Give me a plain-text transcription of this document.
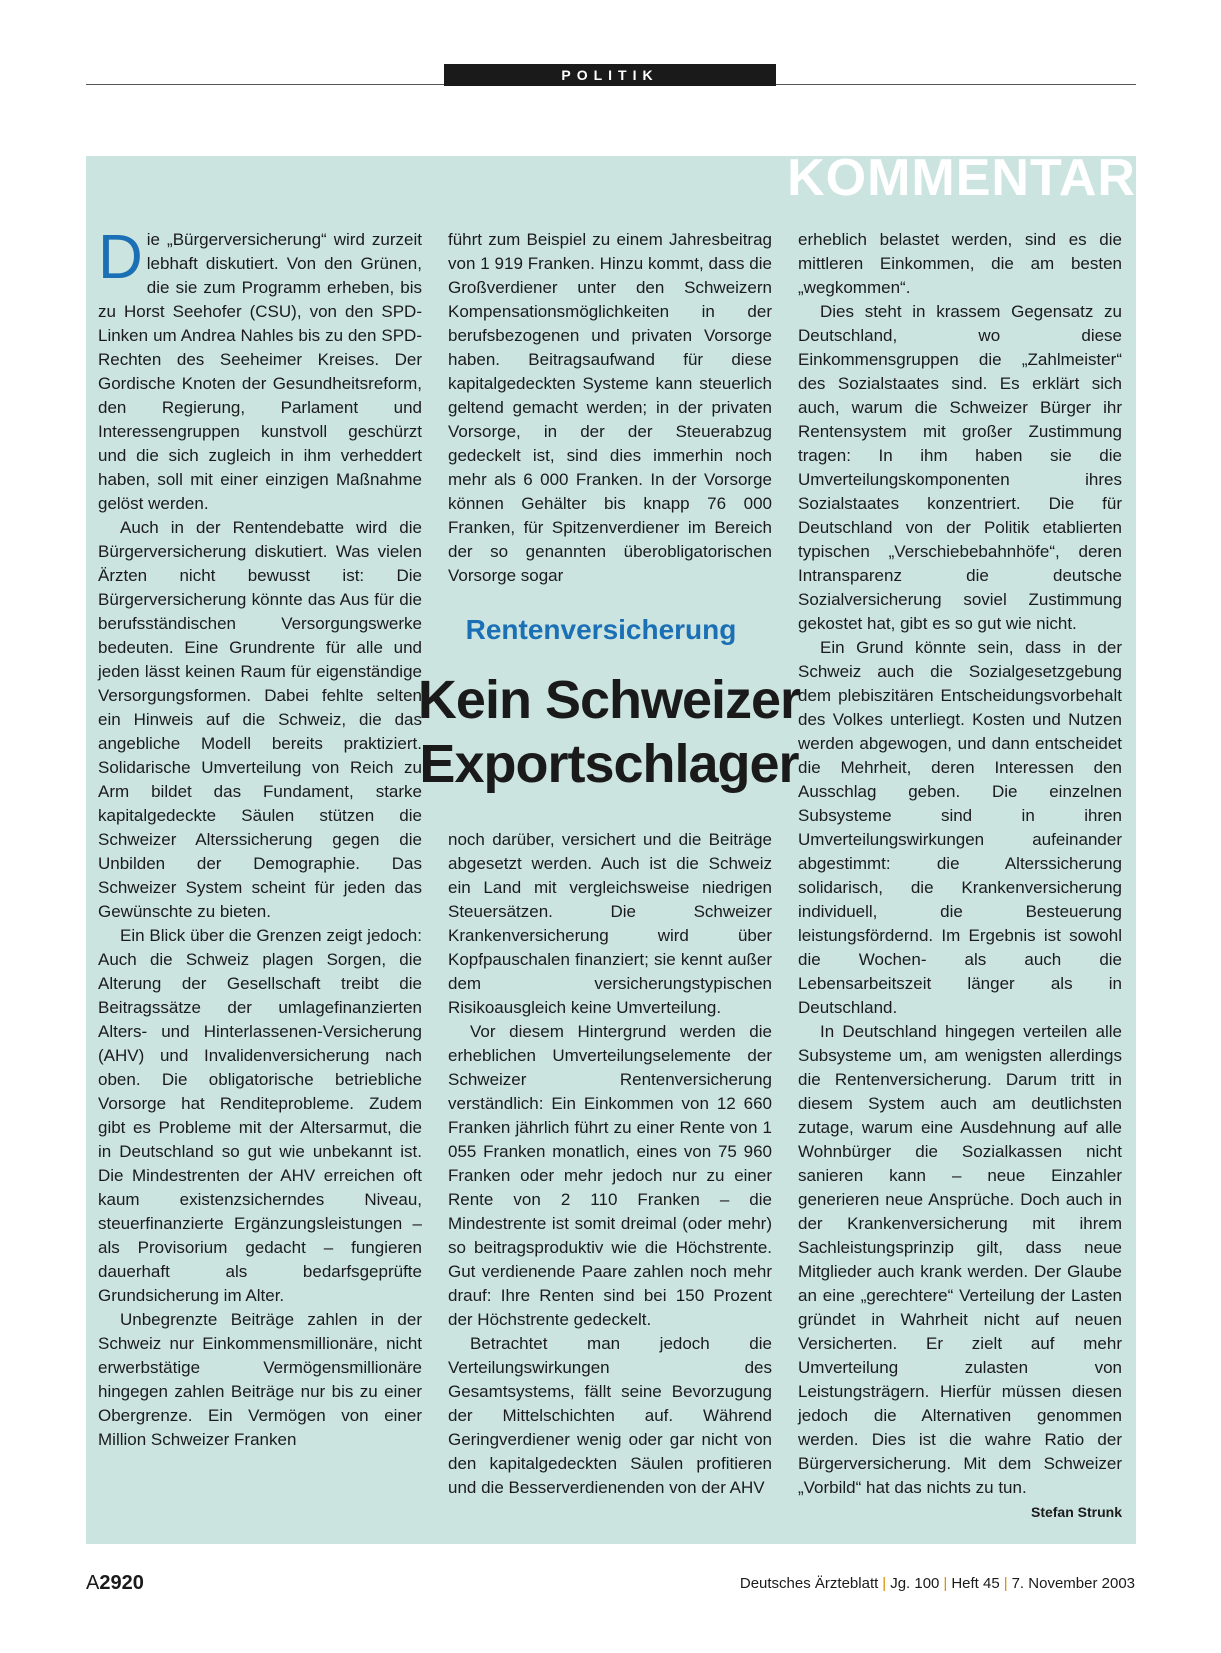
POLITIK
KOMMENTAR

Die „Bürgerversicherung“ wird zurzeit lebhaft diskutiert. Von den Grünen, die sie zum Programm erheben, bis zu Horst Seehofer (CSU), von den SPD-Linken um Andrea Nahles bis zu den SPD-Rechten des Seeheimer Kreises. Der Gordische Knoten der Gesundheitsreform, den Regierung, Parlament und Interessengruppen kunstvoll geschürzt und die sich zugleich in ihm verheddert haben, soll mit einer einzigen Maßnahme gelöst werden.

Auch in der Rentendebatte wird die Bürgerversicherung diskutiert. Was vielen Ärzten nicht bewusst ist: Die Bürgerversicherung könnte das Aus für die berufsständischen Versorgungswerke bedeuten. Eine Grundrente für alle und jeden lässt keinen Raum für eigenständige Versorgungsformen. Dabei fehlte selten ein Hinweis auf die Schweiz, die das angebliche Modell bereits praktiziert. Solidarische Umverteilung von Reich zu Arm bildet das Fundament, starke kapitalgedeckte Säulen stützen die Schweizer Alterssicherung gegen die Unbilden der Demographie. Das Schweizer System scheint für jeden das Gewünschte zu bieten.

Ein Blick über die Grenzen zeigt jedoch: Auch die Schweiz plagen Sorgen, die Alterung der Gesellschaft treibt die Beitragssätze der umlagefinanzierten Alters- und Hinterlassenen-Versicherung (AHV) und Invalidenversicherung nach oben. Die obligatorische betriebliche Vorsorge hat Renditeprobleme. Zudem gibt es Probleme mit der Altersarmut, die in Deutschland so gut wie unbekannt ist. Die Mindestrenten der AHV erreichen oft kaum existenzsicherndes Niveau, steuerfinanzierte Ergänzungsleistungen – als Provisorium gedacht – fungieren dauerhaft als bedarfsgeprüfte Grundsicherung im Alter.

Unbegrenzte Beiträge zahlen in der Schweiz nur Einkommensmillionäre, nicht erwerbstätige Vermögensmillionäre hingegen zahlen Beiträge nur bis zu einer Obergrenze. Ein Vermögen von einer Million Schweizer Franken

führt zum Beispiel zu einem Jahresbeitrag von 1 919 Franken. Hinzu kommt, dass die Großverdiener unter den Schweizern Kompensationsmöglichkeiten in der berufsbezogenen und privaten Vorsorge haben. Beitragsaufwand für diese kapitalgedeckten Systeme kann steuerlich geltend gemacht werden; in der privaten Vorsorge, in der der Steuerabzug gedeckelt ist, sind dies immerhin noch mehr als 6 000 Franken. In der Vorsorge können Gehälter bis knapp 76 000 Franken, für Spitzenverdiener im Bereich der so genannten überobligatorischen Vorsorge sogar

Rentenversicherung
Kein Schweizer Exportschlager

noch darüber, versichert und die Beiträge abgesetzt werden. Auch ist die Schweiz ein Land mit vergleichsweise niedrigen Steuersätzen. Die Schweizer Krankenversicherung wird über Kopfpauschalen finanziert; sie kennt außer dem versicherungstypischen Risikoausgleich keine Umverteilung.

Vor diesem Hintergrund werden die erheblichen Umverteilungselemente der Schweizer Rentenversicherung verständlich: Ein Einkommen von 12 660 Franken jährlich führt zu einer Rente von 1 055 Franken monatlich, eines von 75 960 Franken oder mehr jedoch nur zu einer Rente von 2 110 Franken – die Mindestrente ist somit dreimal (oder mehr) so beitragsproduktiv wie die Höchstrente. Gut verdienende Paare zahlen noch mehr drauf: Ihre Renten sind bei 150 Prozent der Höchstrente gedeckelt.

Betrachtet man jedoch die Verteilungswirkungen des Gesamtsystems, fällt seine Bevorzugung der Mittelschichten auf. Während Geringverdiener wenig oder gar nicht von den kapitalgedeckten Säulen profitieren und die Besserverdienenden von der AHV

erheblich belastet werden, sind es die mittleren Einkommen, die am besten „wegkommen“.

Dies steht in krassem Gegensatz zu Deutschland, wo diese Einkommensgruppen die „Zahlmeister“ des Sozialstaates sind. Es erklärt sich auch, warum die Schweizer Bürger ihr Rentensystem mit großer Zustimmung tragen: In ihm haben sie die Umverteilungskomponenten ihres Sozialstaates konzentriert. Die für Deutschland von der Politik etablierten typischen „Verschiebebahnhöfe“, deren Intransparenz die deutsche Sozialversicherung soviel Zustimmung gekostet hat, gibt es so gut wie nicht.

Ein Grund könnte sein, dass in der Schweiz auch die Sozialgesetzgebung dem plebiszitären Entscheidungsvorbehalt des Volkes unterliegt. Kosten und Nutzen werden abgewogen, und dann entscheidet die Mehrheit, deren Interessen den Ausschlag geben. Die einzelnen Subsysteme sind in ihren Umverteilungswirkungen aufeinander abgestimmt: die Alterssicherung solidarisch, die Krankenversicherung individuell, die Besteuerung leistungsfördernd. Im Ergebnis ist sowohl die Wochen- als auch die Lebensarbeitszeit länger als in Deutschland.

In Deutschland hingegen verteilen alle Subsysteme um, am wenigsten allerdings die Rentenversicherung. Darum tritt in diesem System auch am deutlichsten zutage, warum eine Ausdehnung auf alle Wohnbürger die Sozialkassen nicht sanieren kann – neue Einzahler generieren neue Ansprüche. Doch auch in der Krankenversicherung mit ihrem Sachleistungsprinzip gilt, dass neue Mitglieder auch krank werden. Der Glaube an eine „gerechtere“ Verteilung der Lasten gründet in Wahrheit nicht auf neuen Versicherten. Er zielt auf mehr Umverteilung zulasten von Leistungsträgern. Hierfür müssen diesen jedoch die Alternativen genommen werden. Dies ist die wahre Ratio der Bürgerversicherung. Mit dem Schweizer „Vorbild“ hat das nichts zu tun.
Stefan Strunk

A2920	Deutsches Ärzteblatt | Jg. 100 | Heft 45 | 7. November 2003
